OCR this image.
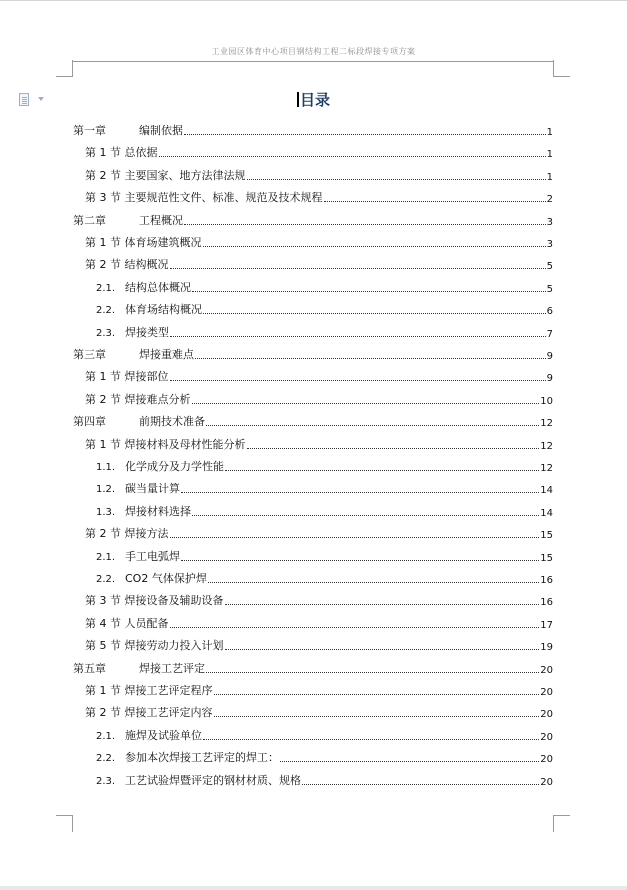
工业园区体育中心项目钢结构工程二标段焊接专项方案
目录
第一章	编制依据	1
第 1 节 总依据	1
第 2 节 主要国家、地方法律法规	1
第 3 节 主要规范性文件、标准、规范及技术规程	2
第二章	工程概况	3
第 1 节 体育场建筑概况	3
第 2 节 结构概况	5
2.1. 结构总体概况	5
2.2. 体育场结构概况	6
2.3. 焊接类型	7
第三章	焊接重难点	9
第 1 节 焊接部位	9
第 2 节 焊接难点分析	10
第四章	前期技术准备	12
第 1 节 焊接材料及母材性能分析	12
1.1. 化学成分及力学性能	12
1.2. 碳当量计算	14
1.3. 焊接材料选择	14
第 2 节 焊接方法	15
2.1. 手工电弧焊	15
2.2. CO2 气体保护焊	16
第 3 节 焊接设备及辅助设备	16
第 4 节 人员配备	17
第 5 节 焊接劳动力投入计划	19
第五章	焊接工艺评定	20
第 1 节 焊接工艺评定程序	20
第 2 节 焊接工艺评定内容	20
2.1. 施焊及试验单位	20
2.2. 参加本次焊接工艺评定的焊工：	20
2.3. 工艺试验焊暨评定的钢材材质、规格	20
